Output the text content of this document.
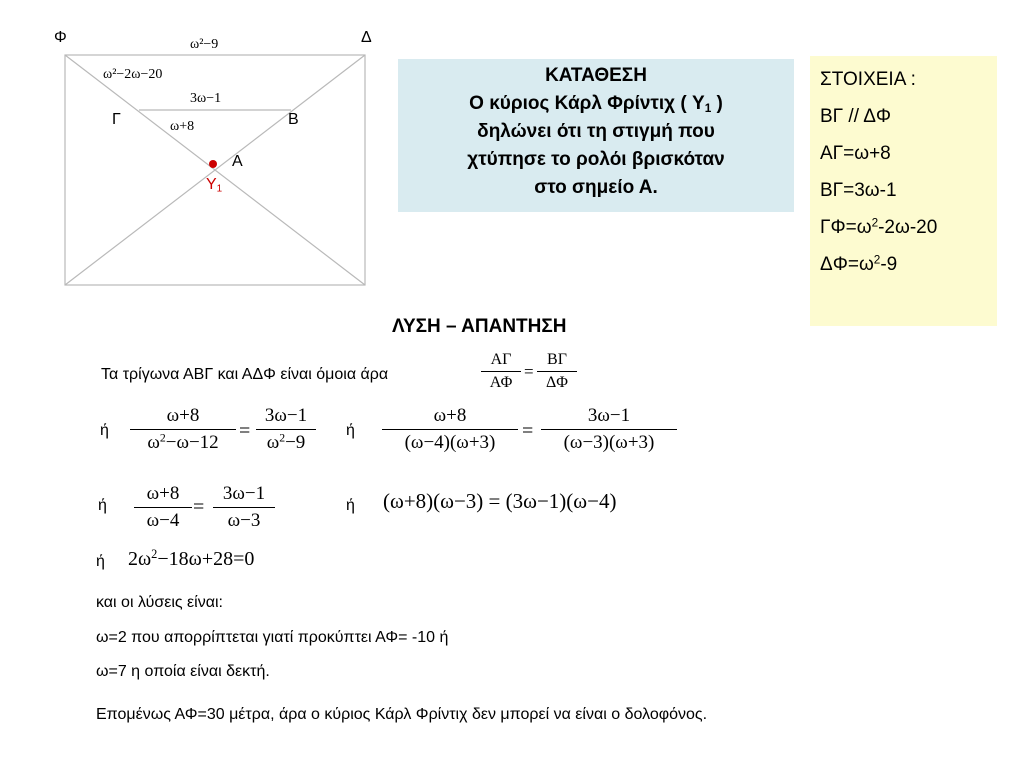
Φ	Δ
Γ	Β
Α
$Y_1$
ω²−9
ω²−2ω−20
3ω−1
ω+8
ΚΑΤΑΘΕΣΗ
Ο κύριος Κάρλ Φρίντιχ ( $Y_1$ )
δηλώνει ότι τη στιγμή που
χτύπησε το ρολόι βρισκόταν
στο σημείο Α.
ΣΤΟΙΧΕΙΑ :
ΒΓ // ΔΦ
ΑΓ=ω+8
ΒΓ=3ω-1
$\Gamma\Phi=\omega^2-2\omega-20$
$\Delta\Phi=\omega^2-9$
ΛΥΣΗ – ΑΠΑΝΤΗΣΗ
Τα τρίγωνα ΑΒΓ και ΑΔΦ είναι όμοια άρα
ΑΓ
ΑΦ
=
ΒΓ
ΔΦ
ή
ω+8
$\omega^2-\omega-12$
=
3ω−1
$\omega^2-9$
ή
ω+8
(ω−4)(ω+3)
=
3ω−1
(ω−3)(ω+3)
ή
ω+8
ω−4
=
3ω−1
ω−3
ή (ω+8)(ω−3) = (3ω−1)(ω−4)
ή $2\omega^2-18\omega+28=0$
και οι λύσεις είναι:
ω=2 που απορρίπτεται γιατί προκύπτει ΑΦ= -10 ή
ω=7 η οποία είναι δεκτή.
Επομένως ΑΦ=30 μέτρα, άρα ο κύριος Κάρλ Φρίντιχ δεν μπορεί να είναι ο δολοφόνος.
